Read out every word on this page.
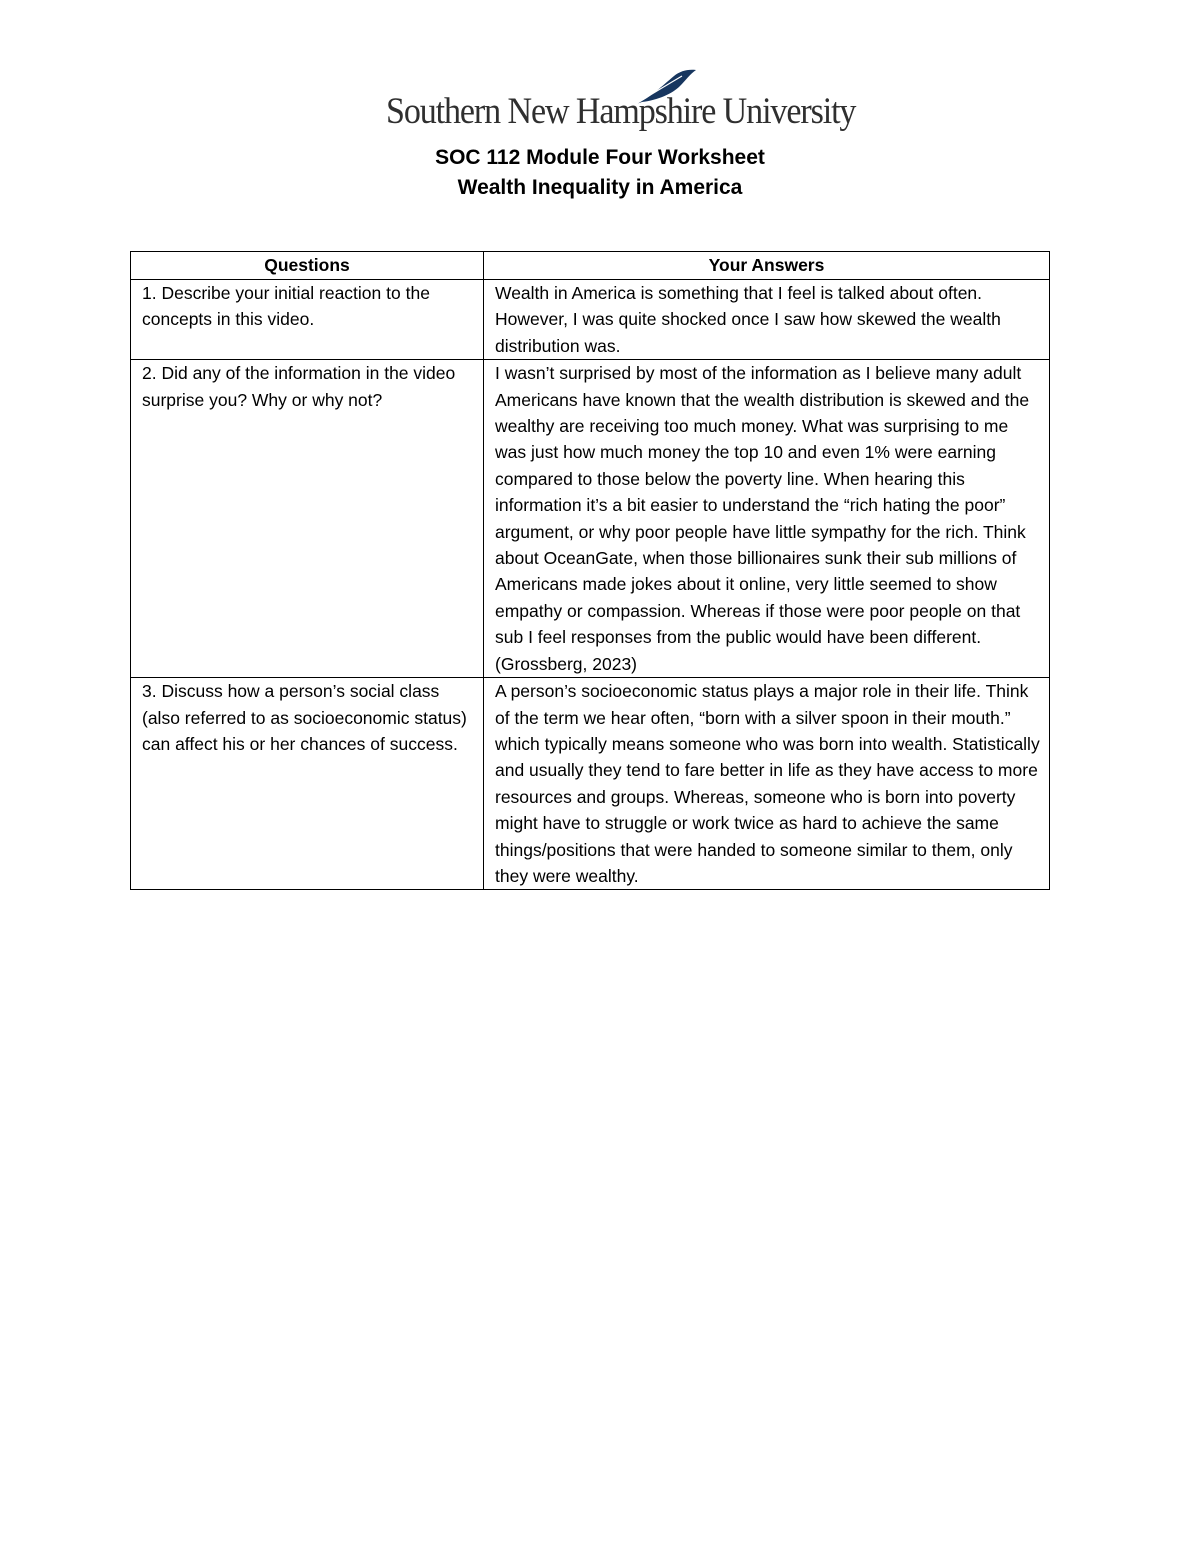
Southern New Hampshire University
SOC 112 Module Four Worksheet
Wealth Inequality in America
Questions	Your Answers
1. Describe your initial reaction to the concepts in this video.	Wealth in America is something that I feel is talked about often. However, I was quite shocked once I saw how skewed the wealth distribution was.
2. Did any of the information in the video surprise you? Why or why not?	I wasn’t surprised by most of the information as I believe many adult Americans have known that the wealth distribution is skewed and the wealthy are receiving too much money. What was surprising to me was just how much money the top 10 and even 1% were earning compared to those below the poverty line. When hearing this information it’s a bit easier to understand the “rich hating the poor” argument, or why poor people have little sympathy for the rich. Think about OceanGate, when those billionaires sunk their sub millions of Americans made jokes about it online, very little seemed to show empathy or compassion. Whereas if those were poor people on that sub I feel responses from the public would have been different. (Grossberg, 2023)
3. Discuss how a person’s social class (also referred to as socioeconomic status) can affect his or her chances of success.	A person’s socioeconomic status plays a major role in their life. Think of the term we hear often, “born with a silver spoon in their mouth.” which typically means someone who was born into wealth. Statistically and usually they tend to fare better in life as they have access to more resources and groups. Whereas, someone who is born into poverty might have to struggle or work twice as hard to achieve the same things/positions that were handed to someone similar to them, only they were wealthy.
